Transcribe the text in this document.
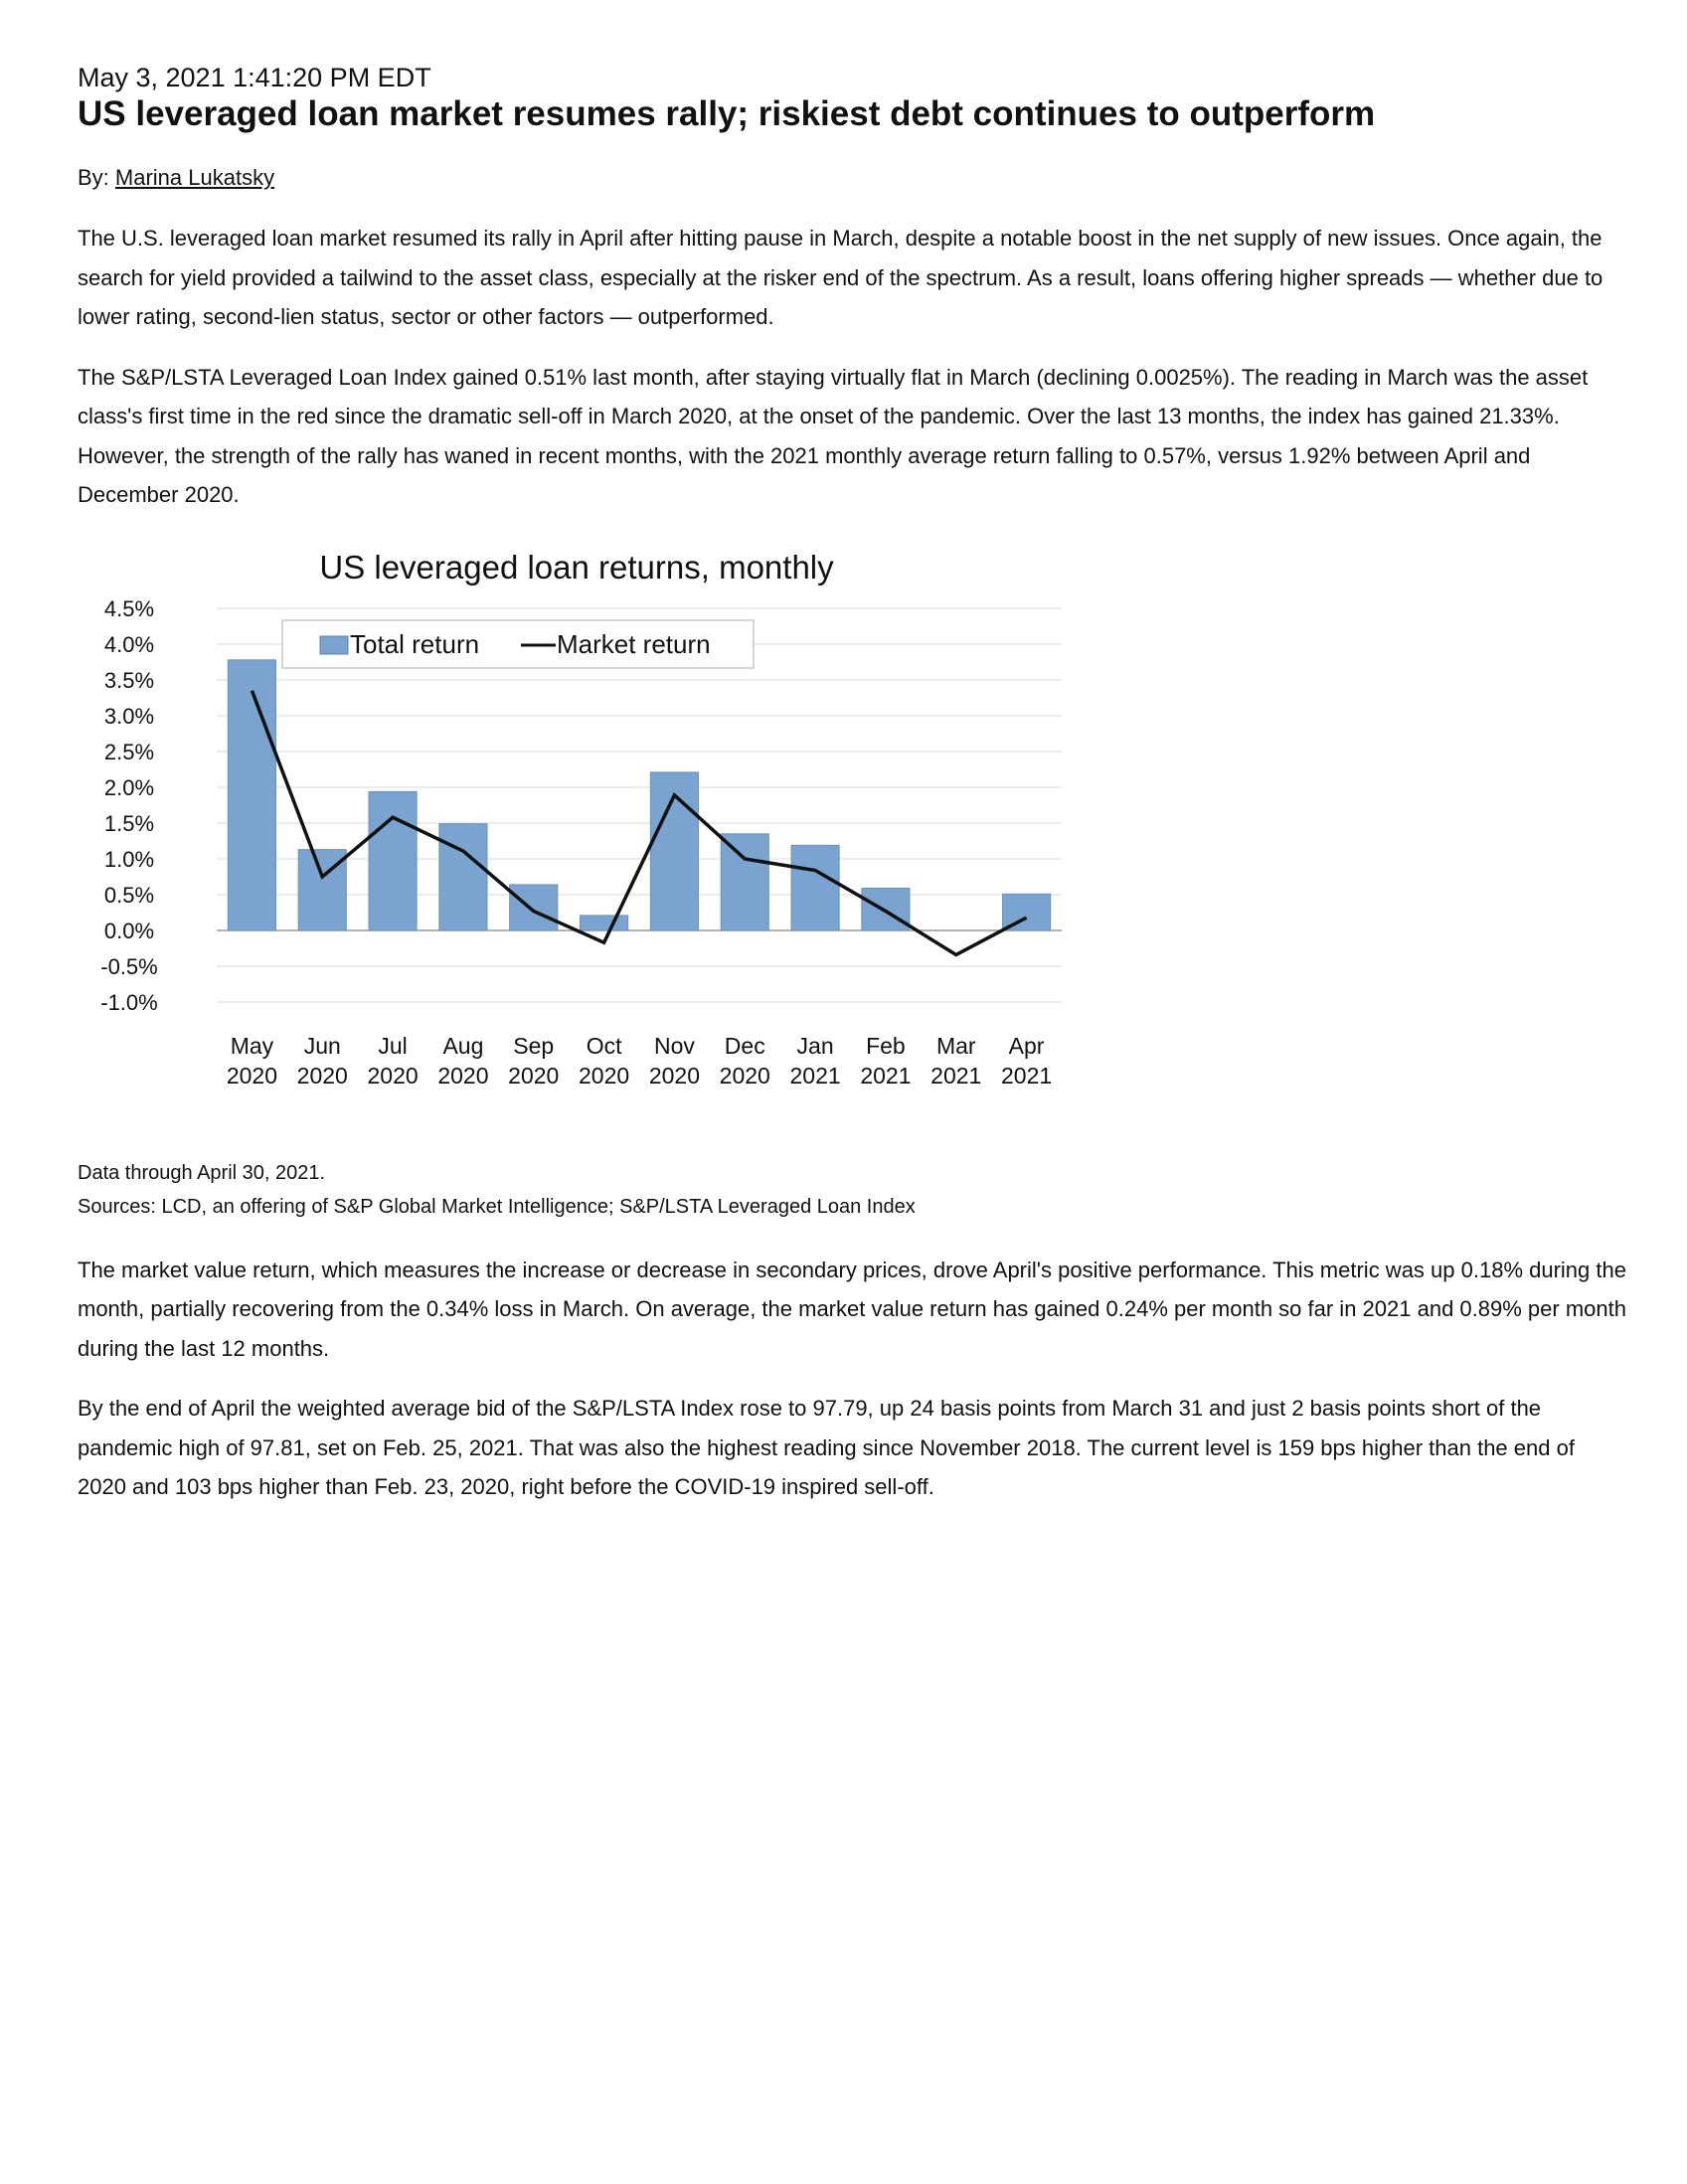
May 3, 2021 1:41:20 PM EDT

US leveraged loan market resumes rally; riskiest debt continues to outperform

By: Marina Lukatsky

The U.S. leveraged loan market resumed its rally in April after hitting pause in March, despite a notable boost in the net supply of new issues. Once again, the search for yield provided a tailwind to the asset class, especially at the risker end of the spectrum. As a result, loans offering higher spreads — whether due to lower rating, second-lien status, sector or other factors — outperformed.

The S&P/LSTA Leveraged Loan Index gained 0.51% last month, after staying virtually flat in March (declining 0.0025%). The reading in March was the asset class's first time in the red since the dramatic sell-off in March 2020, at the onset of the pandemic. Over the last 13 months, the index has gained 21.33%. However, the strength of the rally has waned in recent months, with the 2021 monthly average return falling to 0.57%, versus 1.92% between April and December 2020.

US leveraged loan returns, monthly
4.5%
4.0%
3.5%
3.0%
2.5%
2.0%
1.5%
1.0%
0.5%
0.0%
-0.5%
-1.0%
May
2020
Jun
2020
Jul
2020
Aug
2020
Sep
2020
Oct
2020
Nov
2020
Dec
2020
Jan
2021
Feb
2021
Mar
2021
Apr
2021
Total return	Market return
Data through April 30, 2021.
Sources: LCD, an offering of S&P Global Market Intelligence; S&P/LSTA Leveraged Loan Index

The market value return, which measures the increase or decrease in secondary prices, drove April's positive performance. This metric was up 0.18% during the month, partially recovering from the 0.34% loss in March. On average, the market value return has gained 0.24% per month so far in 2021 and 0.89% per month during the last 12 months.

By the end of April the weighted average bid of the S&P/LSTA Index rose to 97.79, up 24 basis points from March 31 and just 2 basis points short of the pandemic high of 97.81, set on Feb. 25, 2021. That was also the highest reading since November 2018. The current level is 159 bps higher than the end of 2020 and 103 bps higher than Feb. 23, 2020, right before the COVID-19 inspired sell-off.
